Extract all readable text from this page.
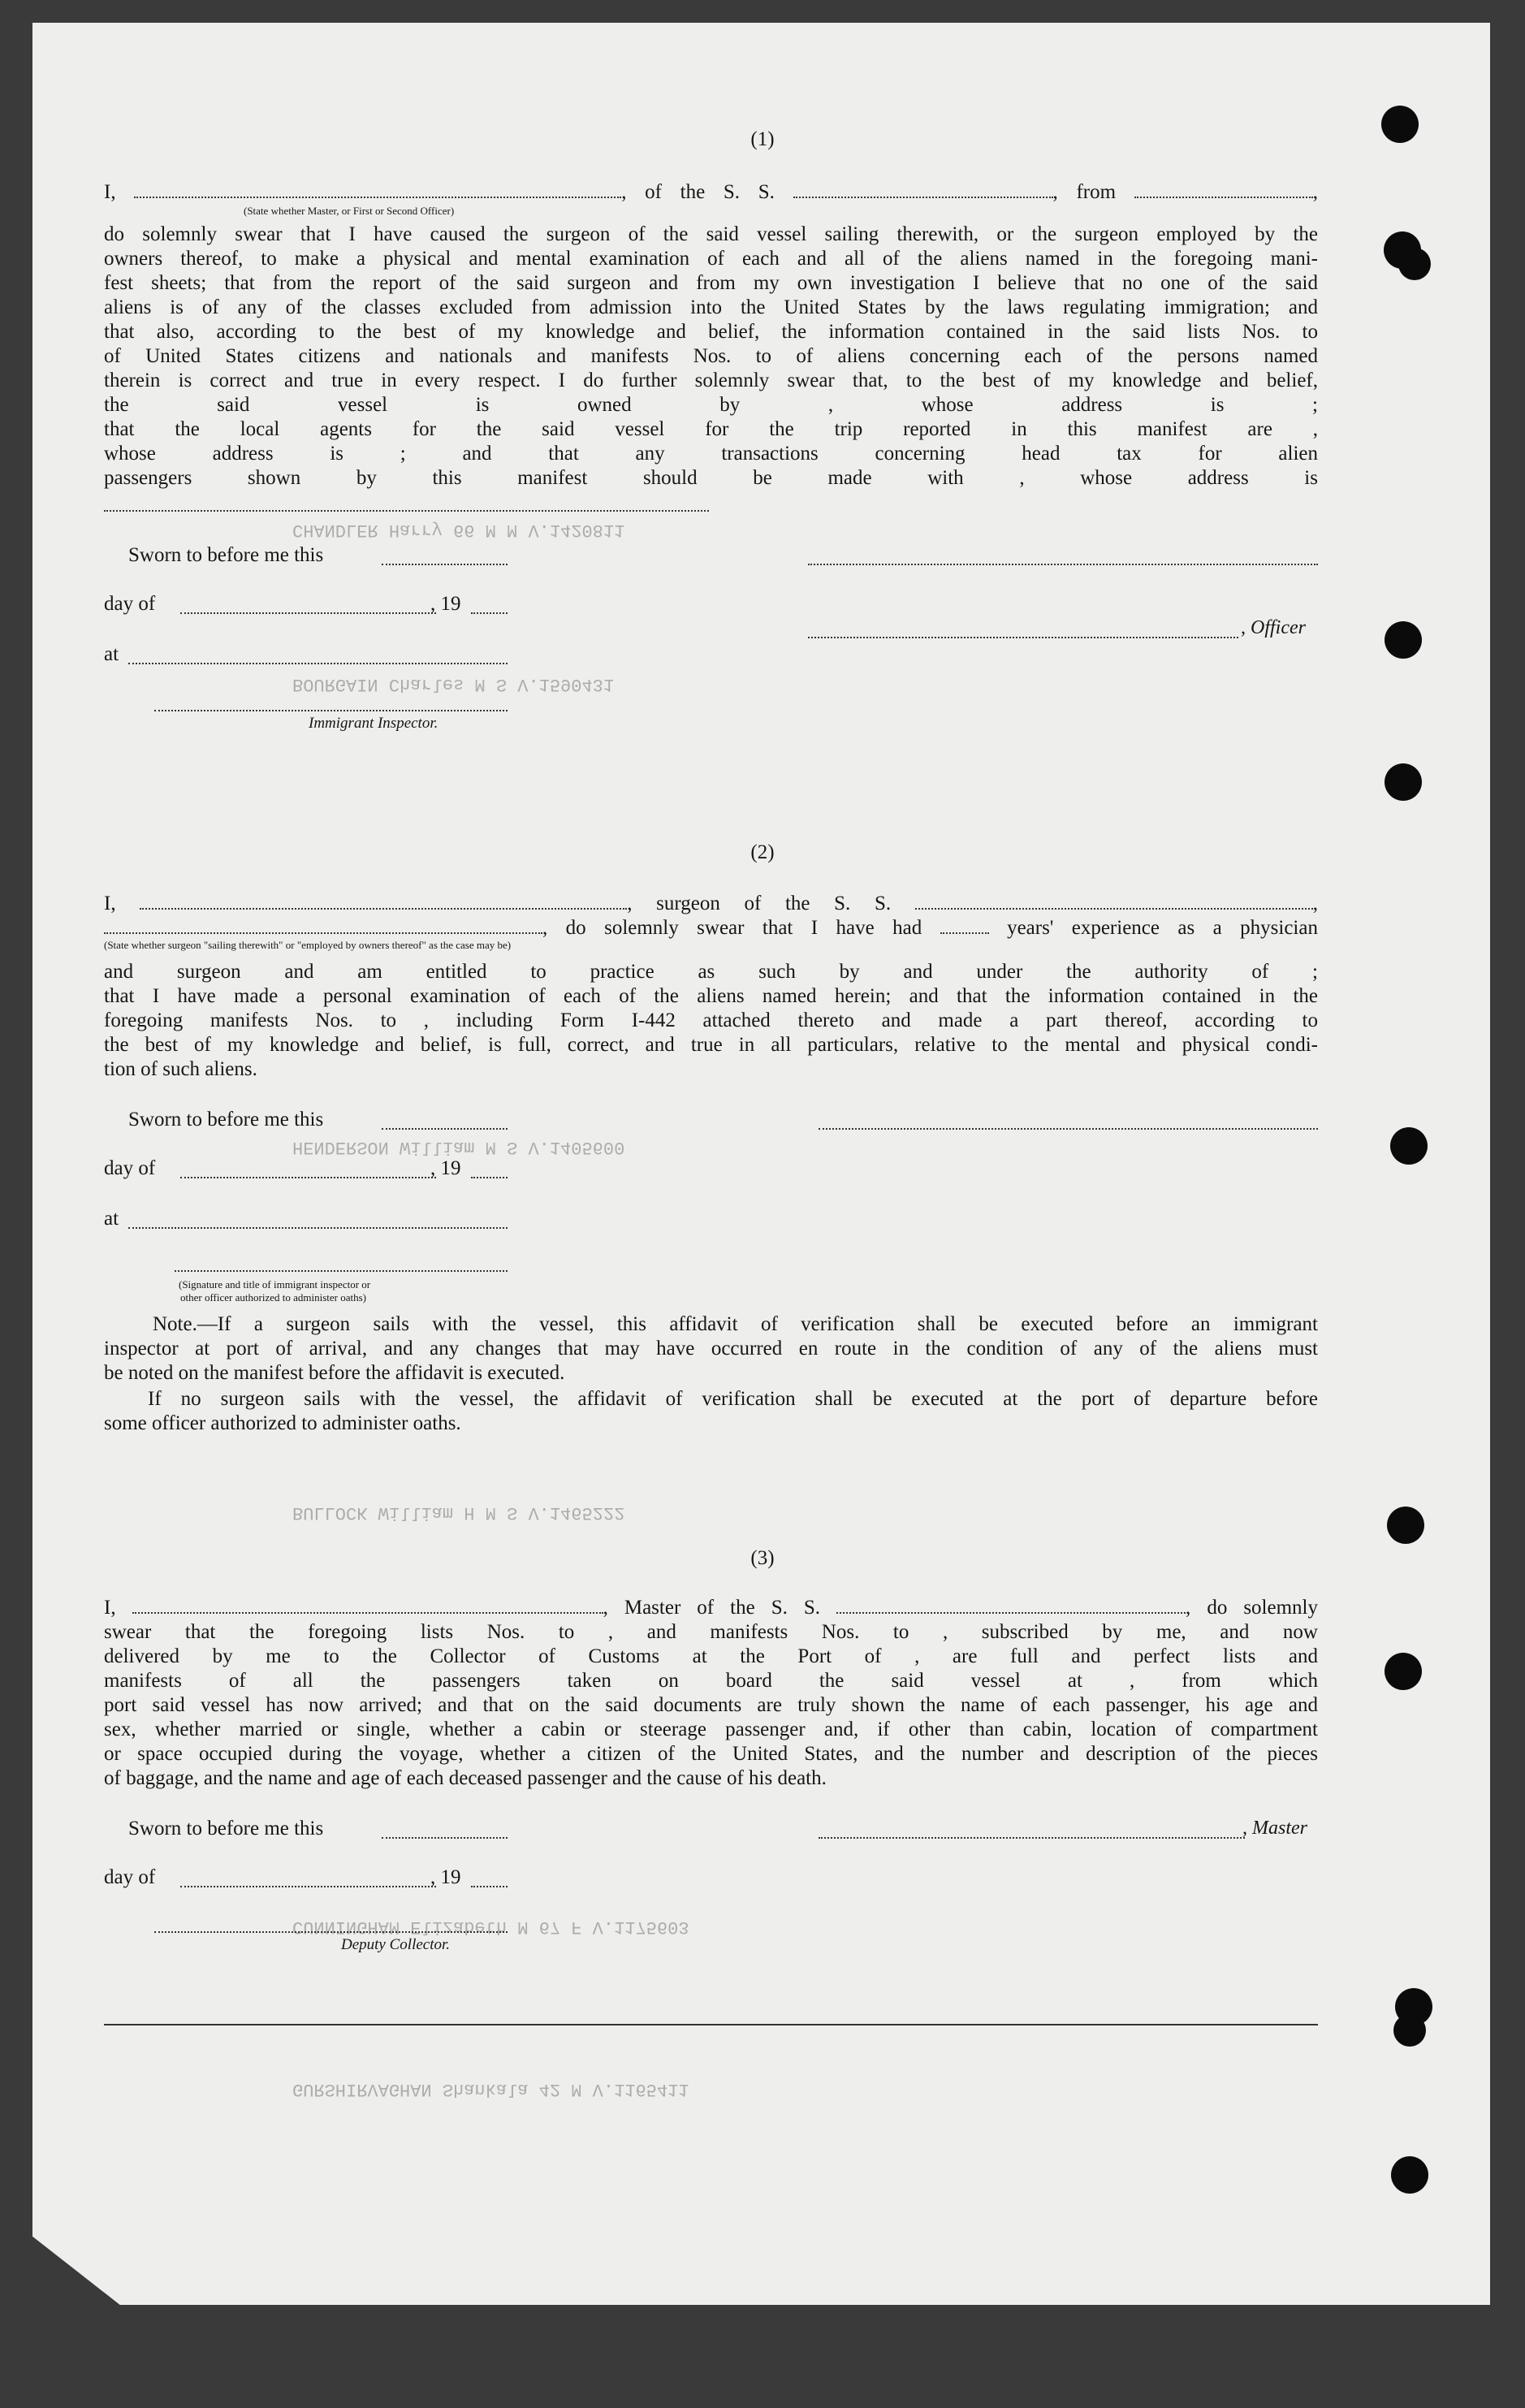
CHANDLER Harry 66 M M V.1420811
BOURGAIN Charles M S V.1590431
HENDERSON William M S V.1405600
BULLOCK William H M S V.1465222
CUNNINGHAM Elizabeth M 67 F V.1175603
GURSHIRVAGHAN Shankala 42 M V.1165411
(1)
I,	, of the S. S.	, from	,
(State whether Master, or First or Second Officer)
do solemnly swear that I have caused the surgeon of the said vessel sailing therewith, or the surgeon employed by the
owners thereof, to make a physical and mental examination of each and all of the aliens named in the foregoing mani-
fest sheets; that from the report of the said surgeon and from my own investigation I believe that no one of the said
aliens is of any of the classes excluded from admission into the United States by the laws regulating immigration; and
that also, according to the best of my knowledge and belief, the information contained in the said lists Nos. to
of United States citizens and nationals and manifests Nos. to of aliens concerning each of the persons named
therein is correct and true in every respect. I do further solemnly swear that, to the best of my knowledge and belief,
the said vessel is owned by , whose address is ;
that the local agents for the said vessel for the trip reported in this manifest are ,
whose address is ; and that any transactions concerning head tax for alien
passengers shown by this manifest should be made with , whose address is
Sworn to before me this
day of	, 19
, Officer
at
Immigrant Inspector.
(2)
I,	, surgeon of the S. S.	,
, do solemnly swear that I have had  years' experience as a physician
(State whether surgeon "sailing therewith" or "employed by owners thereof" as the case may be)
and surgeon and am entitled to practice as such by and under the authority of ;
that I have made a personal examination of each of the aliens named herein; and that the information contained in the
foregoing manifests Nos. to , including Form I-442 attached thereto and made a part thereof, according to
the best of my knowledge and belief, is full, correct, and true in all particulars, relative to the mental and physical condi-
tion of such aliens.
Sworn to before me this
day of	, 19
at
(Signature and title of immigrant inspector or
other officer authorized to administer oaths)
Note.—If a surgeon sails with the vessel, this affidavit of verification shall be executed before an immigrant
inspector at port of arrival, and any changes that may have occurred en route in the condition of any of the aliens must
be noted on the manifest before the affidavit is executed.
If no surgeon sails with the vessel, the affidavit of verification shall be executed at the port of departure before
some officer authorized to administer oaths.
(3)
I,	, Master of the S. S.	, do solemnly
swear that the foregoing lists Nos. to , and manifests Nos. to , subscribed by me, and now
delivered by me to the Collector of Customs at the Port of , are full and perfect lists and
manifests of all the passengers taken on board the said vessel at , from which
port said vessel has now arrived; and that on the said documents are truly shown the name of each passenger, his age and
sex, whether married or single, whether a cabin or steerage passenger and, if other than cabin, location of compartment
or space occupied during the voyage, whether a citizen of the United States, and the number and description of the pieces
of baggage, and the name and age of each deceased passenger and the cause of his death.
Sworn to before me this	, Master
day of	, 19
Deputy Collector.
